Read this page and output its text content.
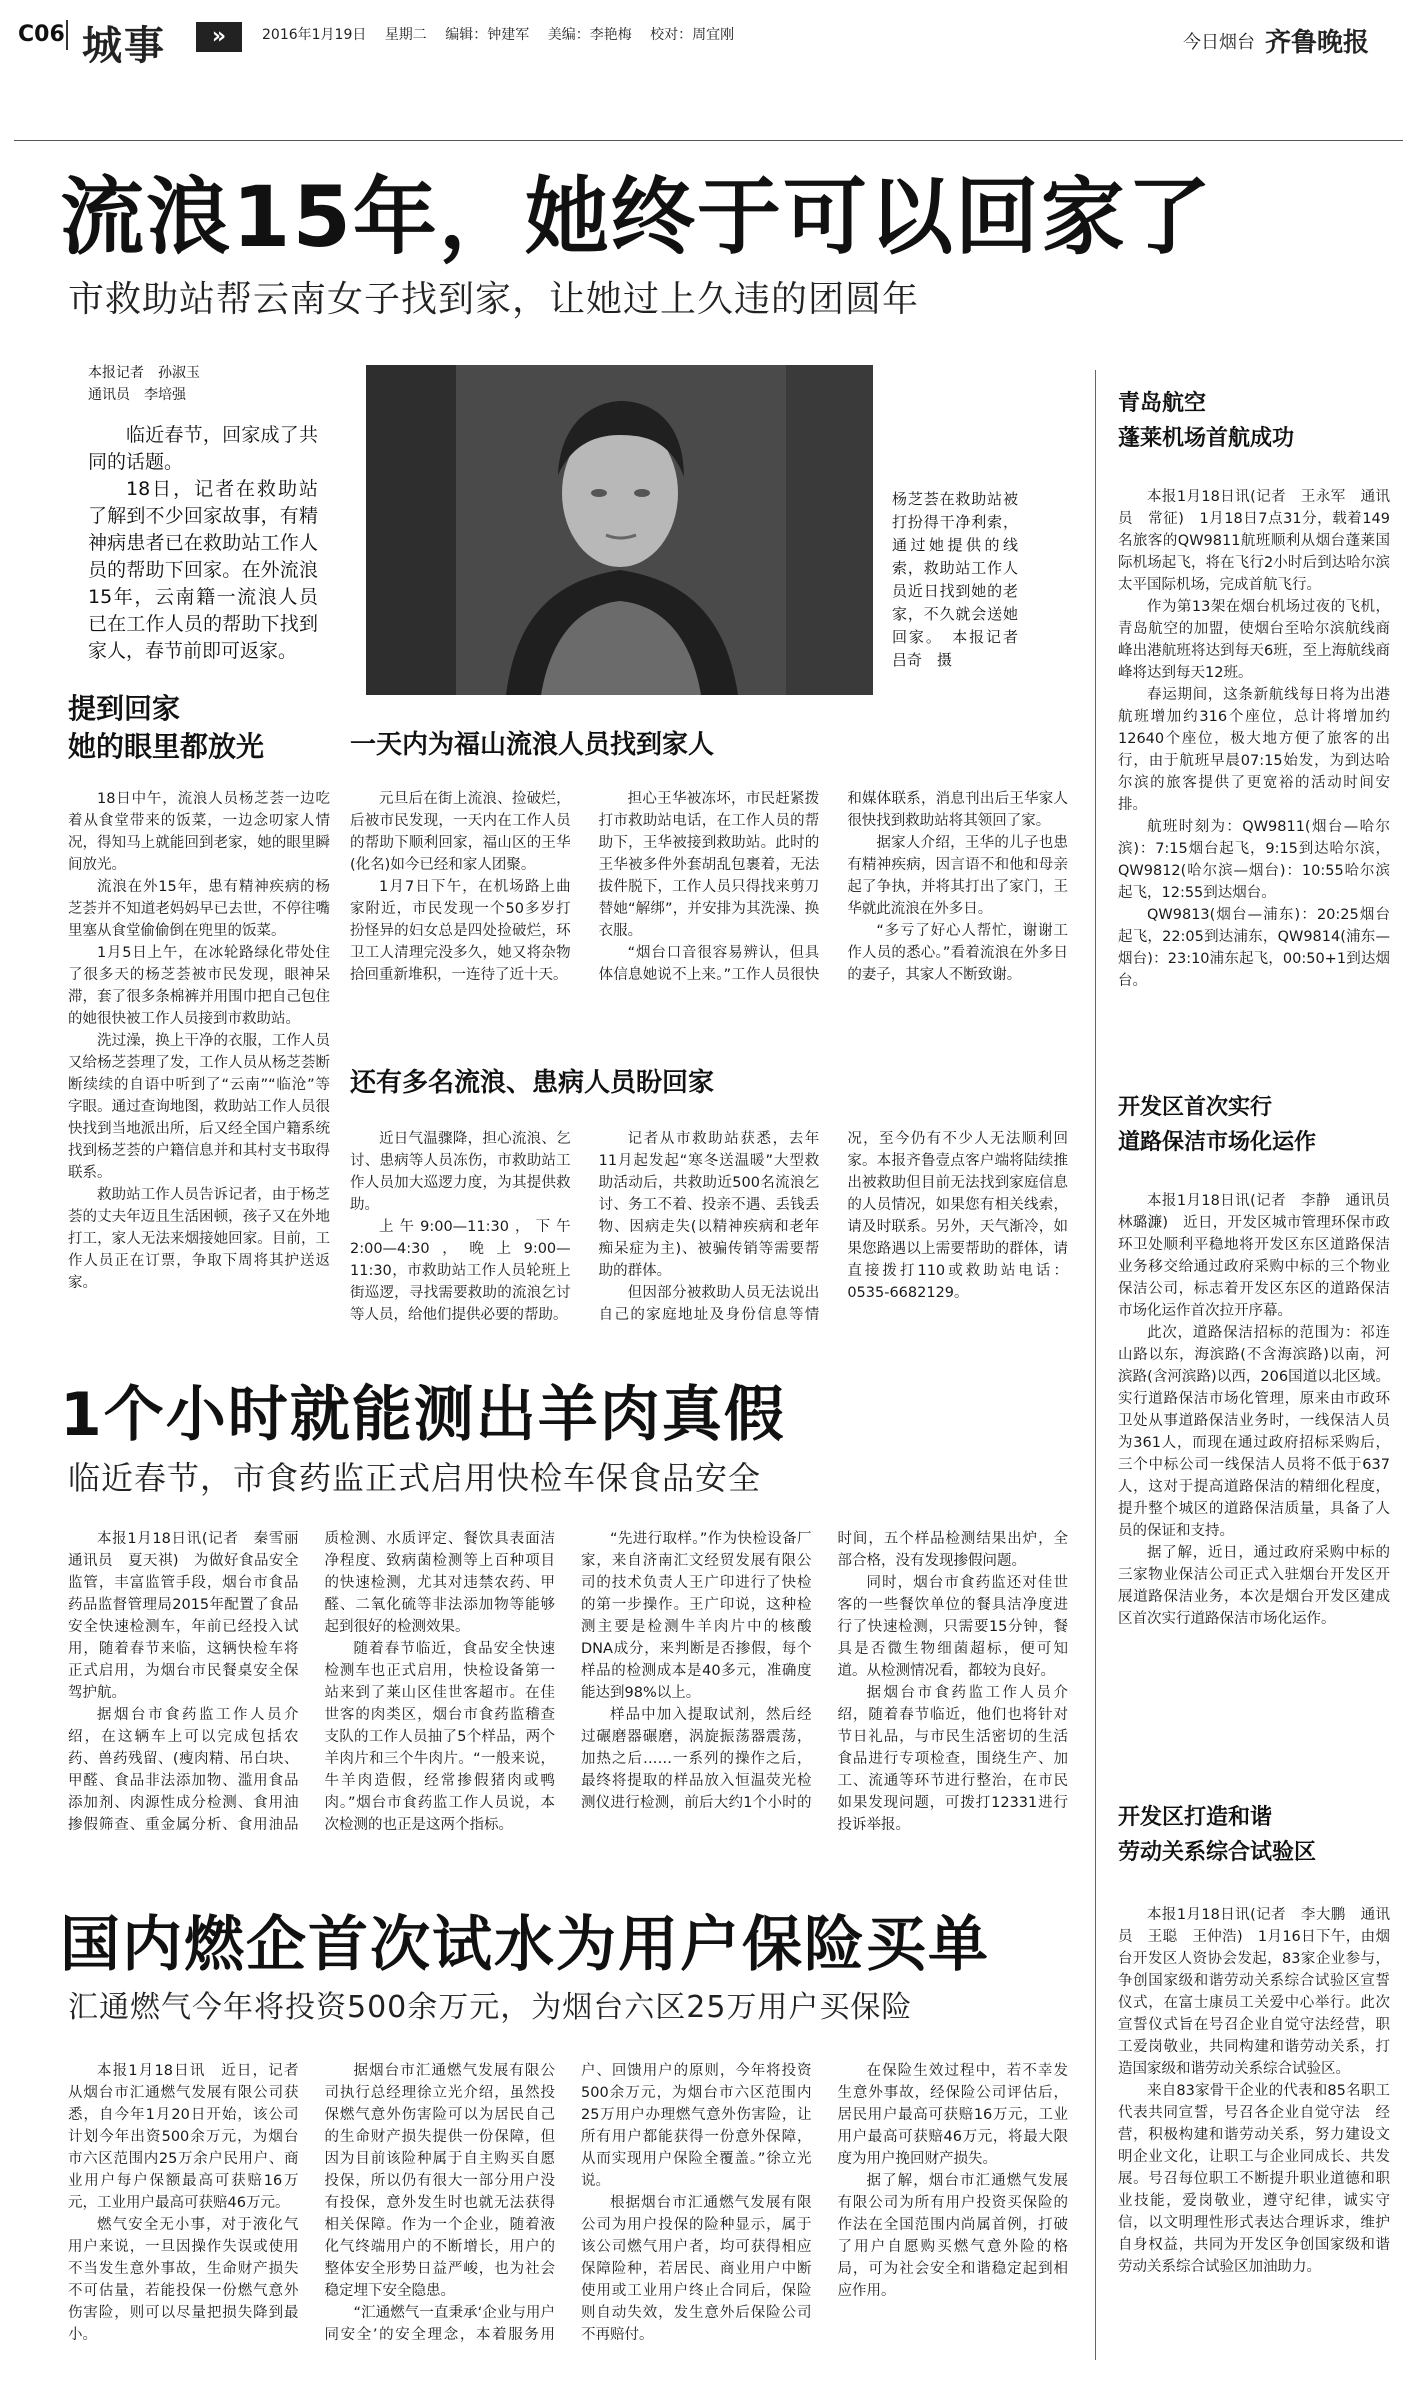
C06 城事	»	2016年1月19日 星期二 编辑：钟建军 美编：李艳梅 校对：周宜刚	今日烟台 齐鲁晚报
流浪15年，她终于可以回家了
市救助站帮云南女子找到家，让她过上久违的团圆年
本报记者　孙淑玉
通讯员　李培强

临近春节，回家成了共同的话题。

18日，记者在救助站了解到不少回家故事，有精神病患者已在救助站工作人员的帮助下回家。在外流浪15年，云南籍一流浪人员已在工作人员的帮助下找到家人，春节前即可返家。

杨芝荟在救助站被打扮得干净利索，通过她提供的线索，救助站工作人员近日找到她的老家，不久就会送她回家。　本报记者　吕奇　摄
提到回家
她的眼里都放光

18日中午，流浪人员杨芝荟一边吃着从食堂带来的饭菜，一边念叨家人情况，得知马上就能回到老家，她的眼里瞬间放光。

流浪在外15年，患有精神疾病的杨芝荟并不知道老妈妈早已去世，不停往嘴里塞从食堂偷偷倒在兜里的饭菜。

1月5日上午，在冰轮路绿化带处住了很多天的杨芝荟被市民发现，眼神呆滞，套了很多条棉裤并用围巾把自己包住的她很快被工作人员接到市救助站。

洗过澡，换上干净的衣服，工作人员又给杨芝荟理了发，工作人员从杨芝荟断断续续的自语中听到了“云南”“临沧”等字眼。通过查询地图，救助站工作人员很快找到当地派出所，后又经全国户籍系统找到杨芝荟的户籍信息并和其村支书取得联系。

救助站工作人员告诉记者，由于杨芝荟的丈夫年迈且生活困顿，孩子又在外地打工，家人无法来烟接她回家。目前，工作人员正在订票，争取下周将其护送返家。

一天内为福山流浪人员找到家人

元旦后在街上流浪、捡破烂，后被市民发现，一天内在工作人员的帮助下顺利回家，福山区的王华(化名)如今已经和家人团聚。

1月7日下午，在机场路上曲家附近，市民发现一个50多岁打扮怪异的妇女总是四处捡破烂，环卫工人清理完没多久，她又将杂物拾回重新堆积，一连待了近十天。

担心王华被冻坏，市民赶紧拨打市救助站电话，在工作人员的帮助下，王华被接到救助站。此时的王华被多件外套胡乱包裹着，无法拔件脱下，工作人员只得找来剪刀替她“解绑”，并安排为其洗澡、换衣服。

“烟台口音很容易辨认，但具体信息她说不上来。”工作人员很快和媒体联系，消息刊出后王华家人很快找到救助站将其领回了家。

据家人介绍，王华的儿子也患有精神疾病，因言语不和他和母亲起了争执，并将其打出了家门，王华就此流浪在外多日。

“多亏了好心人帮忙，谢谢工作人员的悉心。”看着流浪在外多日的妻子，其家人不断致谢。

还有多名流浪、患病人员盼回家

近日气温骤降，担心流浪、乞讨、患病等人员冻伤，市救助站工作人员加大巡逻力度，为其提供救助。

上午9:00—11:30，下午2:00—4:30，晚上9:00—11:30，市救助站工作人员轮班上街巡逻，寻找需要救助的流浪乞讨等人员，给他们提供必要的帮助。

记者从市救助站获悉，去年11月起发起“寒冬送温暖”大型救助活动后，共救助近500名流浪乞讨、务工不着、投亲不遇、丢钱丢物、因病走失(以精神疾病和老年痴呆症为主)、被骗传销等需要帮助的群体。

但因部分被救助人员无法说出自己的家庭地址及身份信息等情况，至今仍有不少人无法顺利回家。本报齐鲁壹点客户端将陆续推出被救助但目前无法找到家庭信息的人员情况，如果您有相关线索，请及时联系。另外，天气渐冷，如果您路遇以上需要帮助的群体，请直接拨打110或救助站电话：0535-6682129。

1个小时就能测出羊肉真假
临近春节，市食药监正式启用快检车保食品安全

本报1月18日讯(记者　秦雪丽　通讯员　夏天祺)　为做好食品安全监管，丰富监管手段，烟台市食品药品监督管理局2015年配置了食品安全快速检测车，年前已经投入试用，随着春节来临，这辆快检车将正式启用，为烟台市民餐桌安全保驾护航。

据烟台市食药监工作人员介绍，在这辆车上可以完成包括农药、兽药残留、(瘦肉精、吊白块、甲醛、食品非法添加物、滥用食品添加剂、肉源性成分检测、食用油掺假筛查、重金属分析、食用油品质检测、水质评定、餐饮具表面洁净程度、致病菌检测等上百种项目的快速检测，尤其对违禁农药、甲醛、二氧化硫等非法添加物等能够起到很好的检测效果。

随着春节临近，食品安全快速检测车也正式启用，快检设备第一站来到了莱山区佳世客超市。在佳世客的肉类区，烟台市食药监稽查支队的工作人员抽了5个样品，两个羊肉片和三个牛肉片。“一般来说，牛羊肉造假，经常掺假猪肉或鸭肉。”烟台市食药监工作人员说，本次检测的也正是这两个指标。

“先进行取样。”作为快检设备厂家，来自济南汇文经贸发展有限公司的技术负责人王广印进行了快检的第一步操作。王广印说，这种检测主要是检测牛羊肉片中的核酸DNA成分，来判断是否掺假，每个样品的检测成本是40多元，准确度能达到98%以上。

样品中加入提取试剂，然后经过碾磨器碾磨，涡旋振荡器震荡，加热之后……一系列的操作之后，最终将提取的样品放入恒温荧光检测仪进行检测，前后大约1个小时的时间，五个样品检测结果出炉，全部合格，没有发现掺假问题。

同时，烟台市食药监还对佳世客的一些餐饮单位的餐具洁净度进行了快速检测，只需要15分钟，餐具是否微生物细菌超标，便可知道。从检测情况看，都较为良好。

据烟台市食药监工作人员介绍，随着春节临近，他们也将针对节日礼品，与市民生活密切的生活食品进行专项检查，围绕生产、加工、流通等环节进行整治，在市民如果发现问题，可拨打12331进行投诉举报。

国内燃企首次试水为用户保险买单
汇通燃气今年将投资500余万元，为烟台六区25万用户买保险

本报1月18日讯　近日，记者从烟台市汇通燃气发展有限公司获悉，自今年1月20日开始，该公司计划今年出资500余万元，为烟台市六区范围内25万余户民用户、商业用户每户保额最高可获赔16万元，工业用户最高可获赔46万元。

燃气安全无小事，对于液化气用户来说，一旦因操作失误或使用不当发生意外事故，生命财产损失不可估量，若能投保一份燃气意外伤害险，则可以尽量把损失降到最小。

据烟台市汇通燃气发展有限公司执行总经理徐立光介绍，虽然投保燃气意外伤害险可以为居民自己的生命财产损失提供一份保障，但因为目前该险种属于自主购买自愿投保，所以仍有很大一部分用户没有投保，意外发生时也就无法获得相关保障。作为一个企业，随着液化气终端用户的不断增长，用户的整体安全形势日益严峻，也为社会稳定埋下安全隐患。

“汇通燃气一直秉承‘企业与用户同安全’的安全理念，本着服务用户、回馈用户的原则，今年将投资500余万元，为烟台市六区范围内25万用户办理燃气意外伤害险，让所有用户都能获得一份意外保障，从而实现用户保险全覆盖。”徐立光说。

根据烟台市汇通燃气发展有限公司为用户投保的险种显示，属于该公司燃气用户者，均可获得相应保障险种，若居民、商业用户中断使用或工业用户终止合同后，保险则自动失效，发生意外后保险公司不再赔付。

在保险生效过程中，若不幸发生意外事故，经保险公司评估后，居民用户最高可获赔16万元，工业用户最高可获赔46万元，将最大限度为用户挽回财产损失。

据了解，烟台市汇通燃气发展有限公司为所有用户投资买保险的作法在全国范围内尚属首例，打破了用户自愿购买燃气意外险的格局，可为社会安全和谐稳定起到相应作用。

青岛航空
蓬莱机场首航成功

本报1月18日讯(记者　王永军　通讯员　常征)　1月18日7点31分，载着149名旅客的QW9811航班顺利从烟台蓬莱国际机场起飞，将在飞行2小时后到达哈尔滨太平国际机场，完成首航飞行。

作为第13架在烟台机场过夜的飞机，青岛航空的加盟，使烟台至哈尔滨航线商峰出港航班将达到每天6班，至上海航线商峰将达到每天12班。

春运期间，这条新航线每日将为出港航班增加约316个座位，总计将增加约12640个座位，极大地方便了旅客的出行，由于航班早晨07:15始发，为到达哈尔滨的旅客提供了更宽裕的活动时间安排。

航班时刻为：QW9811(烟台—哈尔滨)：7:15烟台起飞，9:15到达哈尔滨，QW9812(哈尔滨—烟台)：10:55哈尔滨起飞，12:55到达烟台。

QW9813(烟台—浦东)：20:25烟台起飞，22:05到达浦东，QW9814(浦东—烟台)：23:10浦东起飞，00:50+1到达烟台。

开发区首次实行
道路保洁市场化运作

本报1月18日讯(记者　李静　通讯员　林璐濂)　近日，开发区城市管理环保市政环卫处顺利平稳地将开发区东区道路保洁业务移交给通过政府采购中标的三个物业保洁公司，标志着开发区东区的道路保洁市场化运作首次拉开序幕。

此次，道路保洁招标的范围为：祁连山路以东，海滨路(不含海滨路)以南，河滨路(含河滨路)以西，206国道以北区域。实行道路保洁市场化管理，原来由市政环卫处从事道路保洁业务时，一线保洁人员为361人，而现在通过政府招标采购后，三个中标公司一线保洁人员将不低于637人，这对于提高道路保洁的精细化程度，提升整个城区的道路保洁质量，具备了人员的保证和支持。

据了解，近日，通过政府采购中标的三家物业保洁公司正式入驻烟台开发区开展道路保洁业务，本次是烟台开发区建成区首次实行道路保洁市场化运作。

开发区打造和谐
劳动关系综合试验区

本报1月18日讯(记者　李大鹏　通讯员　王聪　王仲浩)　1月16日下午，由烟台开发区人资协会发起，83家企业参与，争创国家级和谐劳动关系综合试验区宣誓仪式，在富士康员工关爱中心举行。此次宣誓仪式旨在号召企业自觉守法经营，职工爱岗敬业，共同构建和谐劳动关系，打造国家级和谐劳动关系综合试验区。

来自83家骨干企业的代表和85名职工代表共同宣誓，号召各企业自觉守法　经营，积极构建和谐劳动关系，努力建设文明企业文化，让职工与企业同成长、共发展。号召每位职工不断提升职业道德和职业技能，爱岗敬业，遵守纪律，诚实守信，以文明理性形式表达合理诉求，维护自身权益，共同为开发区争创国家级和谐劳动关系综合试验区加油助力。
